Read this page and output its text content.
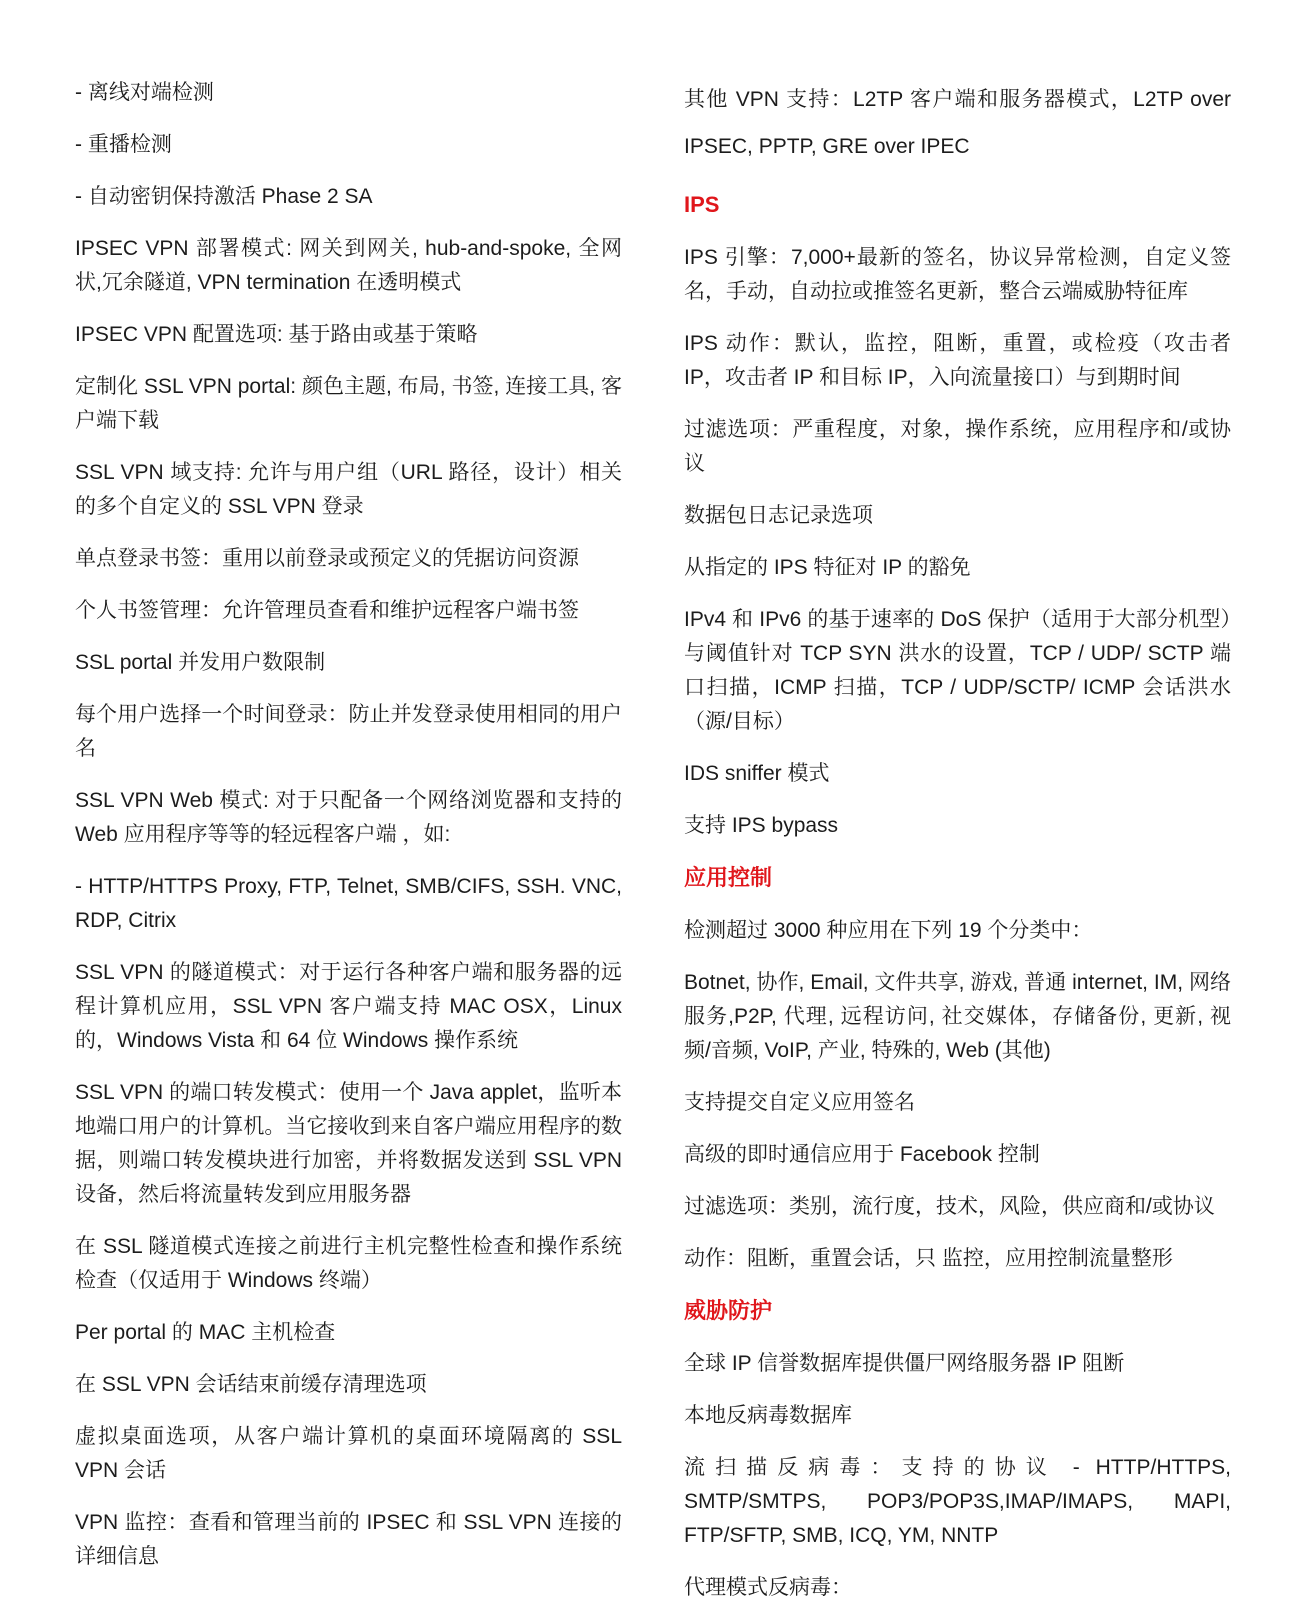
- 离线对端检测

- 重播检测

- 自动密钥保持激活 Phase 2 SA

IPSEC VPN 部署模式: 网关到网关, hub-and-spoke, 全网状,冗余隧道, VPN termination 在透明模式

IPSEC VPN 配置选项: 基于路由或基于策略

定制化 SSL VPN portal: 颜色主题, 布局, 书签, 连接工具, 客户端下载

SSL VPN 域支持: 允许与用户组（URL 路径，设计）相关的多个自定义的 SSL VPN 登录

单点登录书签：重用以前登录或预定义的凭据访问资源

个人书签管理：允许管理员查看和维护远程客户端书签

SSL portal 并发用户数限制

每个用户选择一个时间登录：防止并发登录使用相同的用户名

SSL VPN Web 模式: 对于只配备一个网络浏览器和支持的 Web 应用程序等等的轻远程客户端 ，如:

- HTTP/HTTPS Proxy, FTP, Telnet, SMB/CIFS, SSH. VNC, RDP, Citrix

SSL VPN 的隧道模式：对于运行各种客户端和服务器的远程计算机应用，SSL VPN 客户端支持 MAC OSX，Linux 的，Windows Vista 和 64 位 Windows 操作系统

SSL VPN 的端口转发模式：使用一个 Java applet，监听本地端口用户的计算机。当它接收到来自客户端应用程序的数据，则端口转发模块进行加密，并将数据发送到 SSL VPN 设备，然后将流量转发到应用服务器

在 SSL 隧道模式连接之前进行主机完整性检查和操作系统检查（仅适用于 Windows 终端）

Per portal 的 MAC 主机检查

在 SSL VPN 会话结束前缓存清理选项

虚拟桌面选项，从客户端计算机的桌面环境隔离的 SSL VPN 会话

VPN 监控：查看和管理当前的 IPSEC 和 SSL VPN 连接的详细信息

其他 VPN 支持：L2TP 客户端和服务器模式，L2TP over IPSEC, PPTP, GRE over IPEC

IPS

IPS 引擎：7,000+最新的签名，协议异常检测，自定义签名，手动，自动拉或推签名更新，整合云端威胁特征库

IPS 动作：默认，监控，阻断，重置，或检疫（攻击者 IP，攻击者 IP 和目标 IP，入向流量接口）与到期时间

过滤选项：严重程度，对象，操作系统，应用程序和/或协议

数据包日志记录选项

从指定的 IPS 特征对 IP 的豁免

IPv4 和 IPv6 的基于速率的 DoS 保护（适用于大部分机型）与阈值针对 TCP SYN 洪水的设置，TCP / UDP/ SCTP 端口扫描，ICMP 扫描，TCP / UDP/SCTP/ ICMP 会话洪水（源/目标）

IDS sniffer 模式

支持 IPS bypass

应用控制

检测超过 3000 种应用在下列 19 个分类中：

Botnet, 协作, Email, 文件共享, 游戏, 普通 internet, IM, 网络服务,P2P, 代理, 远程访问, 社交媒体，存储备份, 更新, 视频/音频, VoIP, 产业, 特殊的, Web (其他)

支持提交自定义应用签名

高级的即时通信应用于 Facebook 控制

过滤选项：类别，流行度，技术，风险，供应商和/或协议

动作：阻断，重置会话，只 监控，应用控制流量整形

威胁防护

全球 IP 信誉数据库提供僵尸网络服务器 IP 阻断

本地反病毒数据库

流扫描反病毒：支持的协议 - HTTP/HTTPS, SMTP/SMTPS, POP3/POP3S,IMAP/IMAPS, MAPI, FTP/SFTP, SMB, ICQ, YM, NNTP

代理模式反病毒：
